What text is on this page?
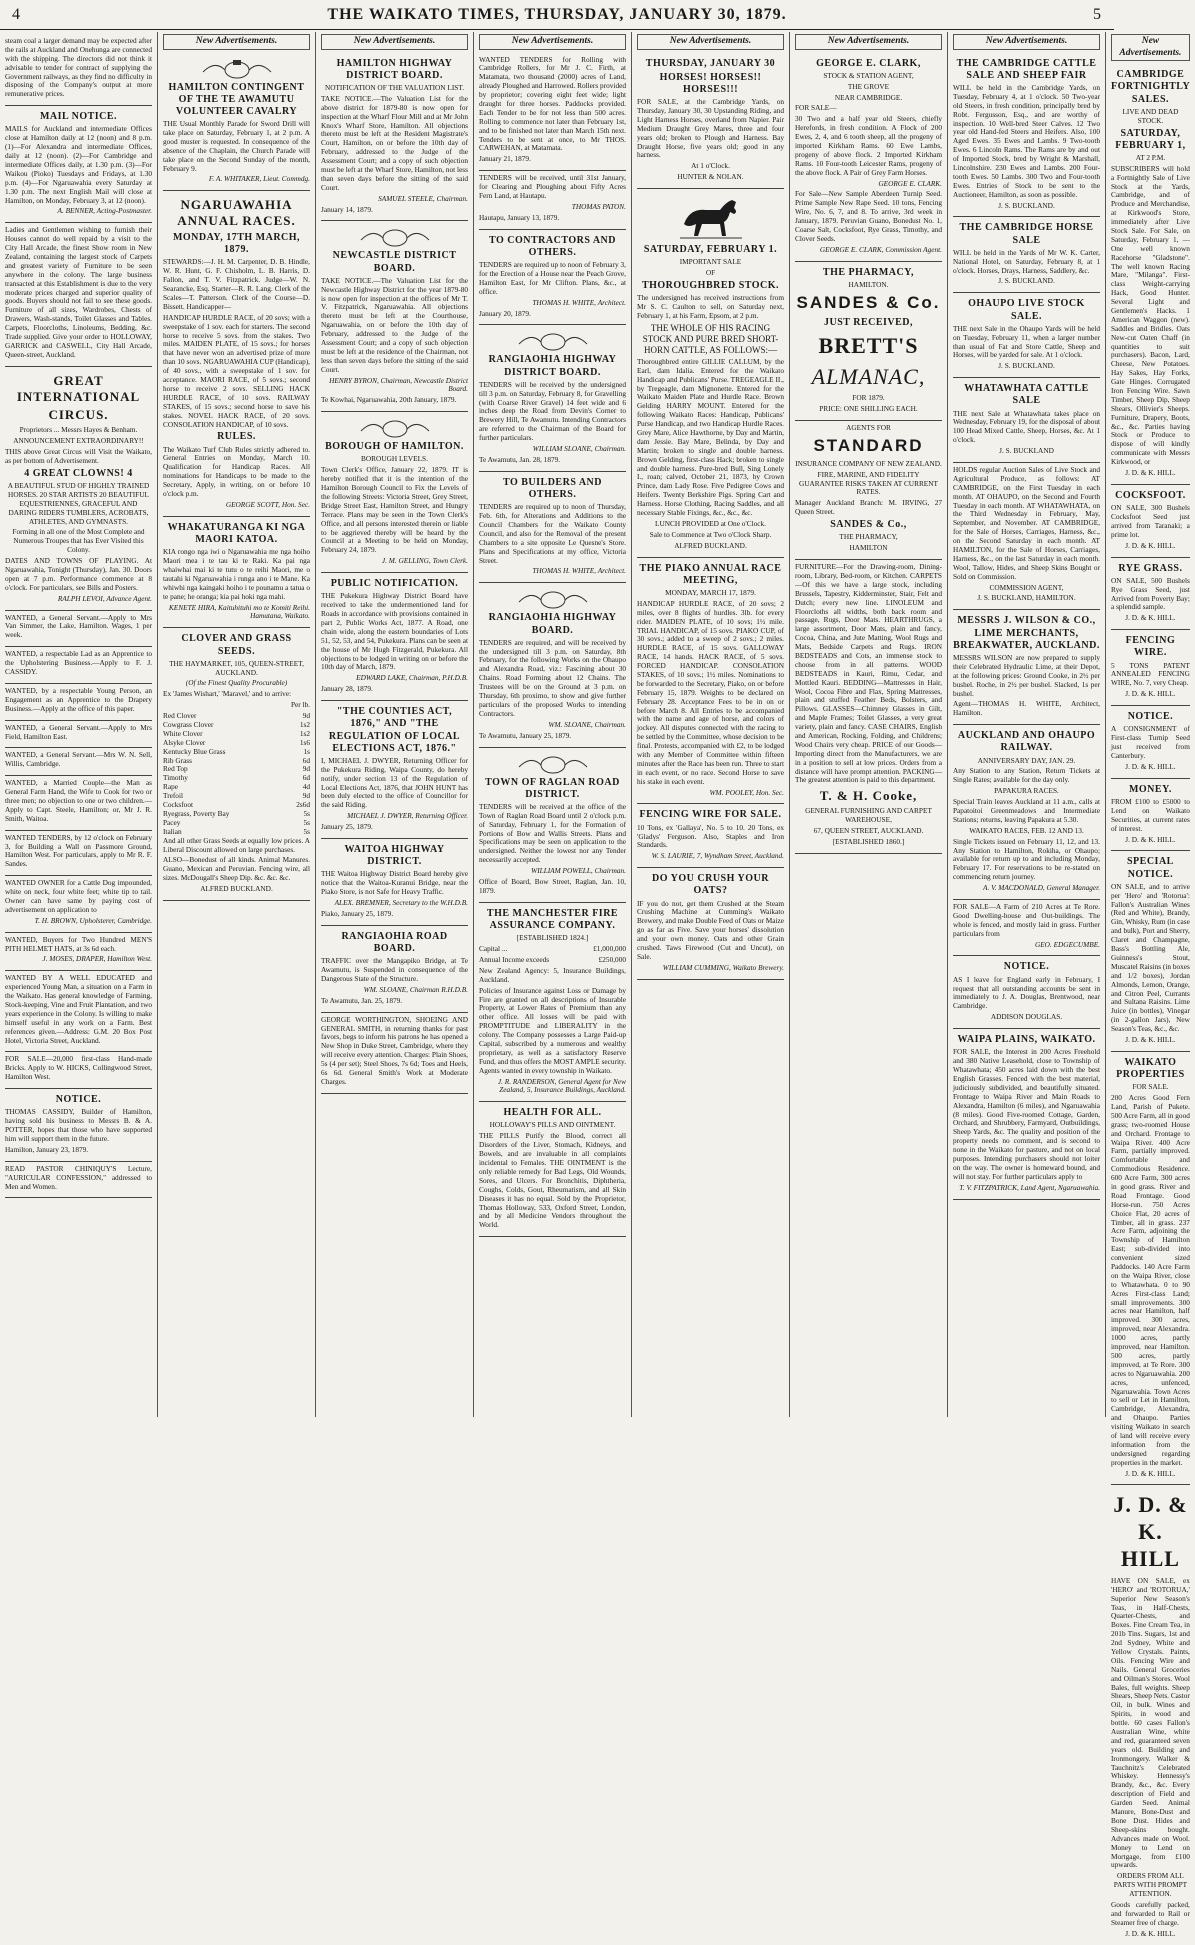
4	THE WAIKATO TIMES, THURSDAY, JANUARY 30, 1879.	5

steam coal a larger demand may be expected after the rails at Auckland and Onehunga are connected with the shipping. The directors did not think it advisable to tender for contract of supplying the Government railways, as they find no difficulty in disposing of the Company's output at more remunerative prices.

MAIL NOTICE.

MAILS for Auckland and intermediate Offices close at Hamilton daily at 12 (noon) and 8 p.m. (1)—For Alexandra and intermediate Offices, daily at 12 (noon). (2)—For Cambridge and intermediate Offices daily, at 1.30 p.m. (3)—For Waikou (Pioko) Tuesdays and Fridays, at 1.30 p.m. (4)—For Ngaruawahia every Saturday at 1.30 p.m. The next English Mail will close at Hamilton, on Monday, February 3, at 12 (noon).

A. BENNER, Acting-Postmaster.

Ladies and Gentlemen wishing to furnish their Houses cannot do well repaid by a visit to the City Hall Arcade, the finest Show room in New Zealand, containing the largest stock of Carpets and greatest variety of Furniture to be seen anywhere in the colony. The large business transacted at this Establishment is due to the very moderate prices charged and superior quality of goods. Buyers should not fail to see these goods. Furniture of all sizes, Wardrobes, Chests of Drawers, Wash-stands, Toilet Glasses and Tables. Carpets, Floorcloths, Linoleums, Bedding, &c. Trade supplied. Give your order to HOLLOWAY, GARRICK and CASWELL, City Hall Arcade, Queen-street, Auckland.

GREAT INTERNATIONAL
CIRCUS.

Proprietors ... Messrs Hayes & Benham.

ANNOUNCEMENT EXTRAORDINARY!!

THIS above Great Circus will Visit the Waikato, as per bottom of Advertisement.

4 GREAT CLOWNS! 4

A BEAUTIFUL STUD OF HIGHLY TRAINED HORSES. 20 STAR ARTISTS 20 BEAUTIFUL EQUESTRIENNES, GRACEFUL AND DARING RIDERS TUMBLERS, ACROBATS, ATHLETES, AND GYMNASTS.

Forming in all one of the Most Complete and Numerous Troupes that has Ever Visited this Colony.

DATES AND TOWNS OF PLAYING. At Ngaruawahia, Tonight (Thursday), Jan. 30. Doors open at 7 p.m. Performance commence at 8 o'clock. For particulars, see Bills and Posters.

RALPH LEVOI, Advance Agent.

WANTED, a General Servant.—Apply to Mrs Van Simmer, the Lake, Hamilton. Wages, 1 per week.

WANTED, a respectable Lad as an Apprentice to the Upholstering Business.—Apply to F. J. CASSIDY.

WANTED, by a respectable Young Person, an Engagement as an Apprentice to the Drapery Business.—Apply at the office of this paper.

WANTED, a General Servant.—Apply to Mrs Field, Hamilton East.

WANTED, a General Servant.—Mrs W. N. Sell, Willis, Cambridge.

WANTED, a Married Couple—the Man as General Farm Hand, the Wife to Cook for two or three men; no objection to one or two children.—Apply to Capt. Steele, Hamilton; or, Mr J. R. Smith, Waitoa.

WANTED TENDERS, by 12 o'clock on February 3, for Building a Wall on Passmore Ground, Hamilton West. For particulars, apply to Mr R. F. Sandes.

WANTED OWNER for a Cattle Dog impounded, white on neck, four white feet; white tip to tail. Owner can have same by paying cost of advertisement on application to

T. H. BROWN, Upholsterer, Cambridge.

WANTED, Buyers for Two Hundred MEN'S PITH HELMET HATS, at 3s 6d each.

J. MOSES, DRAPER, Hamilton West.

WANTED BY A WELL EDUCATED and experienced Young Man, a situation on a Farm in the Waikato. Has general knowledge of Farming, Stock-keeping, Vine and Fruit Plantation, and two years experience in the Colony. Is willing to make himself useful in any work on a Farm. Best references given.—Address: G.M. 20 Box Post Hotel, Victoria Street, Auckland.

FOR SALE—20,000 first-class Hand-made Bricks. Apply to W. HICKS, Collingwood Street, Hamilton West.

NOTICE.

THOMAS CASSIDY, Builder of Hamilton, having sold his business to Messrs B. & A. POTTER, hopes that those who have supported him will support them in the future.

Hamilton, January 23, 1879.

READ PASTOR CHINIQUY'S Lecture, "AURICULAR CONFESSION," addressed to Men and Women.

New Advertisements.
HAMILTON CONTINGENT OF THE TE AWAMUTU VOLUNTEER CAVALRY

THE Usual Monthly Parade for Sword Drill will take place on Saturday, February 1, at 2 p.m. A good muster is requested. In consequence of the absence of the Chaplain, the Church Parade will take place on the Second Sunday of the month, February 9.

F. A. WHITAKER, Lieut. Commdg.

NGARUAWAHIA ANNUAL RACES.
MONDAY, 17TH MARCH, 1879.

STEWARDS:—J. H. M. Carpenter, D. B. Hindle, W. R. Hunt, G. F. Chisholm, L. B. Harris, D. Fallon, and T. V. Fitzpatrick. Judge—W. N. Searancke, Esq. Starter—R. R. Lang. Clerk of the Scales—T. Patterson. Clerk of the Course—D. Bissett. Handicapper—

HANDICAP HURDLE RACE, of 20 sovs; with a sweepstake of 1 sov. each for starters. The second horse to receive 5 sovs. from the stakes. Two miles. MAIDEN PLATE, of 15 sovs.; for horses that have never won an advertised prize of more than 10 sovs. NGARUAWAHIA CUP (Handicap), of 40 sovs., with a sweepstake of 1 sov. for acceptance. MAORI RACE, of 5 sovs.; second horse to receive 2 sovs. SELLING HACK HURDLE RACE, of 10 sovs. RAILWAY STAKES, of 15 sovs.; second horse to save his stakes. NOVEL HACK RACE, of 20 sovs. CONSOLATION HANDICAP, of 10 sovs.

RULES.

The Waikato Turf Club Rules strictly adhered to. General Entries on Monday, March 10. Qualification for Handicap Races. All nominations for Handicaps to be made to the Secretary, Apply, in writing, on or before 10 o'clock p.m.

GEORGE SCOTT, Hon. Sec.

WHAKATURANGA KI NGA MAORI KATOA.

KIA rongo nga iwi o Ngaruawahia me nga hoiho Maori mea i te tau ki te Raki. Ka pai nga whaiwhai mai ki te tutu o te reihi Maori, me o tautahi ki Ngaruawahia i runga ano i te Mane. Ka whiwhi nga kaingaki hoiho i te pounamu a tatua o te pane; he oranga; kia pai hoki nga mahi.

KENETE HIRA, Kaituhituhi mo te Komiti Reihi. Hamutana, Waikato.

CLOVER AND GRASS SEEDS.

THE HAYMARKET, 105, QUEEN-STREET, AUCKLAND.

(Of the Finest Quality Procurable)

Ex 'James Wishart,' 'Maravel,' and to arrive:

Per lb.

Red Clover	9d
Cowgrass Clover	1s2
White Clover	1s2
Alsyke Clover	1s6
Kentucky Blue Grass	1s
Rib Grass	6d
Red Top	9d
Timothy	6d
Rape	4d
Trefoil	9d
Cocksfoot	2s6d
Ryegrass, Poverty Bay	5s
Pacey	5s
Italian	5s

And all other Grass Seeds at equally low prices. A Liberal Discount allowed on large purchases.

ALSO—Bonedust of all kinds. Animal Manures. Guano, Mexican and Peruvian. Fencing wire, all sizes. McDougall's Sheep Dip. &c. &c. &c.

ALFRED BUCKLAND.

New Advertisements.
HAMILTON HIGHWAY DISTRICT BOARD.

NOTIFICATION OF THE VALUATION LIST.

TAKE NOTICE.—The Valuation List for the above district for 1879-80 is now open for inspection at the Wharf Flour Mill and at Mr John Knox's Wharf Store, Hamilton. All objections thereto must be left at the Resident Magistrate's Court, Hamilton, on or before the 10th day of February, addressed to the Judge of the Assessment Court; and a copy of such objection must be left at the Wharf Store, Hamilton, not less than seven days before the sitting of the said Court.

SAMUEL STEELE, Chairman.

January 14, 1879.

NEWCASTLE DISTRICT BOARD.

TAKE NOTICE.—The Valuation List for the Newcastle Highway District for the year 1879-80 is now open for inspection at the offices of Mr T. V. Fitzpatrick, Ngaruawahia. All objections thereto must be left at the Courthouse, Ngaruawahia, on or before the 10th day of February, addressed to the Judge of the Assessment Court; and a copy of such objection must be left at the residence of the Chairman, not less than seven days before the sitting of the said Court.

HENRY BYRON, Chairman, Newcastle District Board.

Te Kowhai, Ngaruawahia, 20th January, 1879.

BOROUGH OF HAMILTON.

BOROUGH LEVELS.

Town Clerk's Office, January 22, 1879. IT is hereby notified that it is the intention of the Hamilton Borough Council to Fix the Levels of the following Streets: Victoria Street, Grey Street, Bridge Street East, Hamilton Street, and Hungry Terrace. Plans may be seen in the Town Clerk's Office, and all persons interested therein or liable to be aggrieved thereby will be heard by the Council at a Meeting to be held on Monday, February 24, 1879.

J. M. GELLING, Town Clerk.

PUBLIC NOTIFICATION.

THE Pukekura Highway District Board have received to take the undermentioned land for Roads in accordance with provisions contained in part 2, Public Works Act, 1877. A Road, one chain wide, along the eastern boundaries of Lots 51, 52, 53, and 54, Pukekura. Plans can be seen at the house of Mr Hugh Fitzgerald, Pukekura. All objections to be lodged in writing on or before the 10th day of March, 1879.

EDWARD LAKE, Chairman, P.H.D.B.

January 28, 1879.

"THE COUNTIES ACT, 1876," AND "THE REGULATION OF LOCAL ELECTIONS ACT, 1876."

I, MICHAEL J. DWYER, Returning Officer for the Pukekura Riding, Waipa County, do hereby notify, under section 13 of the Regulation of Local Elections Act, 1876, that JOHN HUNT has been duly elected to the office of Councillor for the said Riding.

MICHAEL J. DWYER, Returning Officer.

January 25, 1879.

WAITOA HIGHWAY DISTRICT.

THE Waitoa Highway District Board hereby give notice that the Waitoa-Kuranui Bridge, near the Piako Store, is not Safe for Heavy Traffic.

ALEX. BREMNER, Secretary to the W.H.D.B.

Piako, January 25, 1879.

RANGIAOHIA ROAD BOARD.

TRAFFIC over the Mangapiko Bridge, at Te Awamutu, is Suspended in consequence of the Dangerous State of the Structure.

WM. SLOANE, Chairman R.H.D.B.

Te Awamutu, Jan. 25, 1879.

GEORGE WORTHINGTON, SHOEING AND GENERAL SMITH, in returning thanks for past favors, begs to inform his patrons he has opened a New Shop in Duke Street, Cambridge, where they will receive every attention. Charges: Plain Shoes, 5s (4 per set); Steel Shoes, 7s 6d; Toes and Heels, 6s 6d. General Smith's Work at Moderate Charges.

New Advertisements.

WANTED TENDERS for Rolling with Cambridge Rollers, for Mr J. C. Firth, at Matamata, two thousand (2000) acres of Land, already Ploughed and Harrowed. Rollers provided by proprietor; covering eight feet wide; light draught for three horses. Paddocks provided. Each Tender to be for not less than 500 acres. Rolling to commence not later than February 1st, and to be finished not later than March 15th next. Tenders to be sent at once, to Mr THOS. CARWEHAN, at Matamata.

January 21, 1879.

TENDERS will be received, until 31st January, for Clearing and Ploughing about Fifty Acres Fern Land, at Hautapu.

THOMAS PATON.

Hautapu, January 13, 1879.

TO CONTRACTORS AND OTHERS.

TENDERS are required up to noon of February 3, for the Erection of a House near the Peach Grove, Hamilton East, for Mr Clifton. Plans, &c., at office.

THOMAS H. WHITE, Architect.

January 20, 1879.

RANGIAOHIA HIGHWAY DISTRICT BOARD.

TENDERS will be received by the undersigned till 3 p.m. on Saturday, February 8, for Gravelling (with Coarse River Gravel) 14 feet wide and 6 inches deep the Road from Devin's Corner to Brewery Hill, Te Awamutu. Intending Contractors are referred to the Chairman of the Board for further particulars.

WILLIAM SLOANE, Chairman.

Te Awamutu, Jan. 28, 1879.

TO BUILDERS AND OTHERS.

TENDERS are required up to noon of Thursday, Feb. 6th, for Alterations and Additions to the Council Chambers for the Waikato County Council, and also for the Removal of the present Chambers to a site opposite Le Quesne's Store. Plans and Specifications at my office, Victoria Street.

THOMAS H. WHITE, Architect.

RANGIAOHIA HIGHWAY BOARD.

TENDERS are required, and will be received by the undersigned till 3 p.m. on Saturday, 8th February, for the following Works on the Ohaupo and Alexandra Road, viz.: Fascining about 30 Chains. Road Forming about 12 Chains. The Trustees will be on the Ground at 3 p.m. on Thursday, 6th proximo, to show and give further particulars of the proposed Works to intending Contractors.

WM. SLOANE, Chairman.

Te Awamutu, January 25, 1879.

TOWN OF RAGLAN ROAD DISTRICT.

TENDERS will be received at the office of the Town of Raglan Road Board until 2 o'clock p.m. of Saturday, February 1, for the Formation of Portions of Bow and Wallis Streets. Plans and Specifications may be seen on application to the undersigned. Neither the lowest nor any Tender necessarily accepted.

WILLIAM POWELL, Chairman.

Office of Board, Bow Street, Raglan, Jan. 10, 1879.

THE MANCHESTER FIRE ASSURANCE COMPANY.

[ESTABLISHED 1824.]

Capital ...	£1,000,000

Annual Income exceeds	£250,000

New Zealand Agency: 5, Insurance Buildings, Auckland.

Policies of Insurance against Loss or Damage by Fire are granted on all descriptions of Insurable Property, at Lower Rates of Premium than any other office. All losses will be paid with PROMPTITUDE and LIBERALITY in the colony. The Company possesses a Large Paid-up Capital, subscribed by a numerous and wealthy proprietary, as well as a satisfactory Reserve Fund, and thus offers the MOST AMPLE security. Agents wanted in every township in Waikato.

J. R. RANDERSON, General Agent for New Zealand, 5, Insurance Buildings, Auckland.

HEALTH FOR ALL.

HOLLOWAY'S PILLS AND OINTMENT.

THE PILLS Purify the Blood, correct all Disorders of the Liver, Stomach, Kidneys, and Bowels, and are invaluable in all complaints incidental to Females. THE OINTMENT is the only reliable remedy for Bad Legs, Old Wounds, Sores, and Ulcers. For Bronchitis, Diphtheria, Coughs, Colds, Gout, Rheumatism, and all Skin Diseases it has no equal. Sold by the Proprietor, Thomas Holloway, 533, Oxford Street, London, and by all Medicine Vendors throughout the World.

New Advertisements.
THURSDAY, JANUARY 30
HORSES! HORSES!! HORSES!!!

FOR SALE, at the Cambridge Yards, on Thursday, January 30, 30 Upstanding Riding, and Light Harness Horses, overland from Napier. Pair Medium Draught Grey Mares, three and four years old; broken to Plough and Harness. Bay Draught Horse, five years old; good in any harness.

At 1 o'Clock.

HUNTER & NOLAN.

SATURDAY, FEBRUARY 1.

IMPORTANT SALE

OF

THOROUGHBRED STOCK.

The undersigned has received instructions from Mr S. C. Caulton to sell, on Saturday next, February 1, at his Farm, Epsom, at 2 p.m.

THE WHOLE OF HIS RACING STOCK AND PURE BRED SHORT-HORN CATTLE, AS FOLLOWS:—

Thoroughbred entire GILLIE CALLUM, by the Earl, dam Idalia. Entered for the Waikato Handicap and Publicans' Purse. TREGEAGLE II., by Tregeagle, dam Mignonette. Entered for the Waikato Maiden Plate and Hurdle Race. Brown Gelding HARRY MOUNT. Entered for the following Waikato Races: Handicap, Publicans' Purse Handicap, and two Handicap Hurdle Races. Grey Mare, Alice Hawthorne, by Day and Martin, dam Jessie. Bay Mare, Belinda, by Day and Martin; broken to single and double harness. Brown Gelding, first-class Hack; broken to single and double harness. Pure-bred Bull, Sing Lonely I., roan; calved, October 21, 1873, by Crown Prince, dam Lady Rose. Five Pedigree Cows and Heifers. Twenty Berkshire Pigs. Spring Cart and Harness. Horse Clothing, Racing Saddles, and all necessary Stable Fixings, &c., &c., &c.

LUNCH PROVIDED at One o'Clock.

Sale to Commence at Two o'Clock Sharp.

ALFRED BUCKLAND.

THE PIAKO ANNUAL RACE MEETING,

MONDAY, MARCH 17, 1879.

HANDICAP HURDLE RACE, of 20 sovs; 2 miles, over 8 flights of hurdles. 3lb. for every rider. MAIDEN PLATE, of 10 sovs; 1½ mile. TRIAL HANDICAP, of 15 sovs. PIAKO CUP, of 30 sovs.; added to a sweep of 2 sovs.; 2 miles. HURDLE RACE, of 15 sovs. GALLOWAY RACE, 14 hands. HACK RACE, of 5 sovs. FORCED HANDICAP. CONSOLATION STAKES, of 10 sovs.; 1½ miles. Nominations to be forwarded to the Secretary, Piako, on or before February 15, 1879. Weights to be declared on February 28. Acceptance Fees to be in on or before March 8. All Entries to be accompanied with the name and age of horse, and colors of jockey. All disputes connected with the racing to be settled by the Committee, whose decision to be final. Protests, accompanied with £2, to be lodged with any Member of Committee within fifteen minutes after the Race has been run. Three to start in each event, or no race. Second Horse to save his stake in each event.

WM. POOLEY, Hon. Sec.

FENCING WIRE FOR SALE.

10 Tons, ex 'Gallaya', No. 5 to 10. 20 Tons, ex 'Gladys' Ferguson. Also, Staples and Iron Standards.

W. S. LAURIE, 7, Wyndham Street, Auckland.

DO YOU CRUSH YOUR OATS?

IF you do not, get them Crushed at the Steam Crushing Machine at Cumming's Waikato Brewery, and make Double Feed of Oats or Maize go as far as Five. Save your horses' dissolution and your own money. Oats and other Grain crushed. Taws Firewood (Cut and Uncut), on Sale.

WILLIAM CUMMING, Waikato Brewery.

New Advertisements.
GEORGE E. CLARK,

STOCK & STATION AGENT,

THE GROVE

NEAR CAMBRIDGE.

FOR SALE—

30 Two and a half year old Steers, chiefly Herefords, in fresh condition. A Flock of 200 Ewes, 2, 4, and 6 tooth sheep, all the progeny of imported Kirkham Rams. 60 Ewe Lambs, progeny of above flock. 2 Imported Kirkham Rams. 10 Four-tooth Leicester Rams, progeny of the above flock. A Pair of Grey Farm Horses.

GEORGE E. CLARK.

For Sale—New Sample Aberdeen Turnip Seed. Prime Sample New Rape Seed. 10 tons, Fencing Wire, No. 6, 7, and 8. To arrive, 3rd week in January, 1879. Peruvian Guano, Bonedust No. 1, Coarse Salt, Cocksfoot, Rye Grass, Timothy, and Clover Seeds.

GEORGE E. CLARK, Commission Agent.

THE PHARMACY,

HAMILTON.

SANDES & Co.
JUST RECEIVED,
BRETT'S
ALMANAC,

FOR 1879.

PRICE: ONE SHILLING EACH.

AGENTS FOR

STANDARD

INSURANCE COMPANY OF NEW ZEALAND.

FIRE, MARINE, AND FIDELITY GUARANTEE RISKS TAKEN AT CURRENT RATES.

Manager Auckland Branch: M. IRVING, 27 Queen Street.

SANDES & Co.,

THE PHARMACY,

HAMILTON

FURNITURE—For the Drawing-room, Dining-room, Library, Bed-room, or Kitchen. CARPETS—Of this we have a large stock, including Brussels, Tapestry, Kidderminster, Stair, Felt and Dutch; every new line. LINOLEUM and Floorcloths all widths, both back room and passage, Rugs, Door Mats. HEARTHRUGS, a large assortment, Door Mats, plain and fancy, Cocoa, China, and Jute Matting, Wool Rugs and Mats, Bedside Carpets and Rugs. IRON BEDSTEADS and Cots, an immense stock to choose from in all patterns. WOOD BEDSTEADS in Kauri, Rimu, Cedar, and Mottled Kauri. BEDDING—Mattresses in Hair, Wool, Cocoa Fibre and Flax, Spring Mattresses, plain and stuffed Feather Beds, Bolsters, and Pillows. GLASSES—Chimney Glasses in Gilt, and Maple Frames; Toilet Glasses, a very great variety, plain and fancy. CASE CHAIRS, English and American, Rocking, Folding, and Childrens; Wood Chairs very cheap. PRICE of our Goods—Importing direct from the Manufacturers, we are in a position to sell at low prices. Orders from a distance will have prompt attention. PACKING—The greatest attention is paid to this department.

T. & H. Cooke,

GENERAL FURNISHING AND CARPET WAREHOUSE,

67, QUEEN STREET, AUCKLAND.

[ESTABLISHED 1860.]

New Advertisements.
THE CAMBRIDGE CATTLE SALE AND SHEEP FAIR

WILL be held in the Cambridge Yards, on Tuesday, February 4, at 1 o'clock. 50 Two-year old Steers, in fresh condition, principally bred by Robt. Fergusson, Esq., and are worthy of inspection. 10 Well-bred Steer Calves. 12 Two year old Hand-fed Steers and Heifers. Also, 100 Aged Ewes. 35 Ewes and Lambs. 9 Two-tooth Ewes. 6 Lincoln Rams. The Rams are by and out of Imported Stock, bred by Wright & Marshall, Lincolnshire. 230 Ewes and Lambs. 200 Four-tooth Ewes. 50 Lambs. 300 Two and Four-tooth Ewes. Entries of Stock to be sent to the Auctioneer, Hamilton, as soon as possible.

J. S. BUCKLAND.

THE CAMBRIDGE HORSE SALE

WILL be held in the Yards of Mr W. K. Carter, National Hotel, on Saturday, February 8, at 1 o'clock. Horses, Drays, Harness, Saddlery, &c.

J. S. BUCKLAND.

OHAUPO LIVE STOCK SALE.

THE next Sale in the Ohaupo Yards will be held on Tuesday, February 11, when a larger number than usual of Fat and Store Cattle, Sheep and Horses, will be yarded for sale. At 1 o'clock.

J. S. BUCKLAND.

WHATAWHATA CATTLE SALE

THE next Sale at Whatawhata takes place on Wednesday, February 19, for the disposal of about 100 Head Mixed Cattle, Sheep, Horses, &c. At 1 o'clock.

J. S. BUCKLAND

HOLDS regular Auction Sales of Live Stock and Agricultural Produce, as follows: AT CAMBRIDGE, on the First Tuesday in each month. AT OHAUPO, on the Second and Fourth Tuesday in each month. AT WHATAWHATA, on the Third Wednesday in February, May, September, and November. AT CAMBRIDGE, for the Sale of Horses, Carriages, Harness, &c., on the Second Saturday in each month. AT HAMILTON, for the Sale of Horses, Carriages, Harness, &c., on the last Saturday in each month. Wool, Tallow, Hides, and Sheep Skins Bought or Sold on Commission.

COMMISSION AGENT,

J. S. BUCKLAND, HAMILTON.

MESSRS J. WILSON & CO., LIME MERCHANTS, BREAKWATER, AUCKLAND.

MESSRS WILSON are now prepared to supply their Celebrated Hydraulic Lime, at their Depot, at the following prices: Ground Cooke, in 2½ per bushel. Roche, in 2½ per bushel. Slacked, 1s per bushel.

Agent—THOMAS H. WHITE, Architect, Hamilton.

AUCKLAND AND OHAUPO RAILWAY.

ANNIVERSARY DAY, JAN. 29.

Any Station to any Station, Return Tickets at Single Rates; available for the day only.

PAPAKURA RACES.

Special Train leaves Auckland at 11 a.m., calls at Papatoitoi Greenmeadows and Intermediate Stations; returns, leaving Papakura at 5.30.

WAIKATO RACES, FEB. 12 AND 13.

Single Tickets issued on February 11, 12, and 13. Any Station to Hamilton, Rokiha, or Ohaupo; available for return up to and including Monday, February 17. For reservations to be re-stated on commencing return journey.

A. V. MACDONALD, General Manager.

FOR SALE—A Farm of 210 Acres at Te Rore. Good Dwelling-house and Out-buildings. The whole is fenced, and mostly laid in grass. Further particulars from

GEO. EDGECUMBE.

NOTICE.

AS I leave for England early in February, I request that all outstanding accounts be sent in immediately to J. A. Douglas, Brentwood, near Cambridge.

ADDISON DOUGLAS.

WAIPA PLAINS, WAIKATO.

FOR SALE, the Interest in 200 Acres Freehold and 380 Native Leasehold, close to Township of Whatawhata; 450 acres laid down with the best English Grasses. Fenced with the best material, judiciously subdivided, and beautifully situated. Frontage to Waipa River and Main Roads to Alexandra, Hamilton (6 miles), and Ngaruawahia (8 miles). Good Five-roomed Cottage, Garden, Orchard, and Shrubbery, Farmyard, Outbuildings, Sheep Yards, &c. The quality and position of the property needs no comment, and is second to none in the Waikato for pasture, and not on local purposes. Intending purchasers should not loiter on the way. The owner is homeward bound, and will not stay. For further particulars apply to

T. V. FITZPATRICK, Land Agent, Ngaruawahia.

New Advertisements.
CAMBRIDGE FORTNIGHTLY SALES.

LIVE AND DEAD STOCK.

SATURDAY, FEBRUARY 1,

AT 2 P.M.

SUBSCRIBERS will hold a Fortnightly Sale of Live Stock at the Yards, Cambridge, and of Produce and Merchandise, at Kirkwood's Store, immediately after Live Stock Sale. For Sale, on Saturday, February 1, — One well known Racehorse "Gladstone". The well known Racing Mare, "Milanga". First-class Weight-carrying Hack, Good Hunter. Several Light and Gentlemen's Hacks. 1 American Waggon (new). Saddles and Bridles. Oats New-cut Oaten Chaff (in quantities to suit purchasers). Bacon, Lard, Cheese, New Potatoes. Hay Sakes, Hay Forks, Gate Hinges. Corrugated Iron Fencing Wire. Sawn Timber, Sheep Dip, Sheep Shears, Ollivier's Sheeps. Furniture, Drapery, Boots, &c., &c. Parties having Stock or Produce to dispose of will kindly communicate with Messrs Kirkwood, or

J. D. & K. HILL.

COCKSFOOT.

ON SALE, 300 Bushels Cocksfoot Seed just arrived from Taranaki; a prime lot.

J. D. & K. HILL.

RYE GRASS.

ON SALE, 500 Bushels Rye Grass Seed, just Arrived from Poverty Bay; a splendid sample.

J. D. & K. HILL.

FENCING WIRE.

5 TONS PATENT ANNEALED FENCING WIRE, No. 7, very Cheap.

J. D. & K. HILL.

NOTICE.

A CONSIGNMENT of First-class Turnip Seed just received from Canterbury.

J. D. & K. HILL.

MONEY.

FROM £100 to £5000 to Lend on Waikato Securities, at current rates of interest.

J. D. & K. HILL.

SPECIAL NOTICE.

ON SALE, and to arrive per 'Hero' and 'Rotorua': Fallon's Australian Wines (Red and White), Brandy, Gin, Whisky, Rum (in case and bulk), Port and Sherry, Claret and Champagne, Bass's Bottling Ale, Guinness's Stout, Muscatel Raisins (in boxes and 1/2 boxes), Jordan Almonds, Lemon, Orange, and Citron Peel, Currants and Sultana Raisins. Lime Juice (in bottles), Vinegar (in 2-gallon Jars), New Season's Teas, &c., &c.

J. D. & K. HILL.

WAIKATO PROPERTIES

FOR SALE.

200 Acres Good Fern Land, Parish of Pukete. 500 Acre Farm, all in good grass; two-roomed House and Orchard. Frontage to Waipa River. 400 Acre Farm, partially improved. Comfortable and Commodious Residence. 600 Acre Farm, 300 acres in good grass. River and Road Frontage. Good Horse-run. 750 Acres Choice Flat, 20 acres of Timber, all in grass. 237 Acre Farm, adjoining the Township of Hamilton East; sub-divided into convenient sized Paddocks. 140 Acre Farm on the Waipa River, close to Whatawhata. 0 to 90 Acres First-class Land; small improvements. 300 acres near Hamilton, half improved. 300 acres, improved, near Alexandra. 1000 acres, partly improved, near Hamilton. 500 acres, partly improved, at Te Rore. 300 acres to Ngaruawahia. 200 acres, unfenced, Ngaruawahia. Town Acres to sell or Let in Hamilton, Cambridge, Alexandra, and Ohaupo. Parties visiting Waikato in search of land will receive every information from the undersigned regarding properties in the market.

J. D. & K. HILL.

J. D. & K. HILL

HAVE ON SALE, ex 'HERO' and 'ROTORUA,' Superior New Season's Teas, in Half-Chests, Quarter-Chests, and Boxes. Fine Cream Tea, in 201b Tins. Sugars, 1st and 2nd Sydney, White and Yellow Crystals. Paints, Oils. Fencing Wire and Nails. General Groceries and Oilman's Stores. Wool Bales, full weights. Sheep Shears, Sheep Nets. Castor Oil, in bulk. Wines and Spirits, in wood and bottle. 60 cases Fallon's Australian Wine, white and red, guaranteed seven years old. Building and Ironmongery. Walker & Tauchnitz's Celebrated Whiskey. Hennessy's Brandy, &c., &c. Every description of Field and Garden Seed. Animal Manure, Bone-Dust and Bone Dust. Hides and Sheep-skins bought. Advances made on Wool. Money to Lend on Mortgage, from £100 upwards.

ORDERS FROM ALL PARTS WITH PROMPT ATTENTION.

Goods carefully packed, and forwarded to Rail or Steamer free of charge.

J. D. & K. HILL.
